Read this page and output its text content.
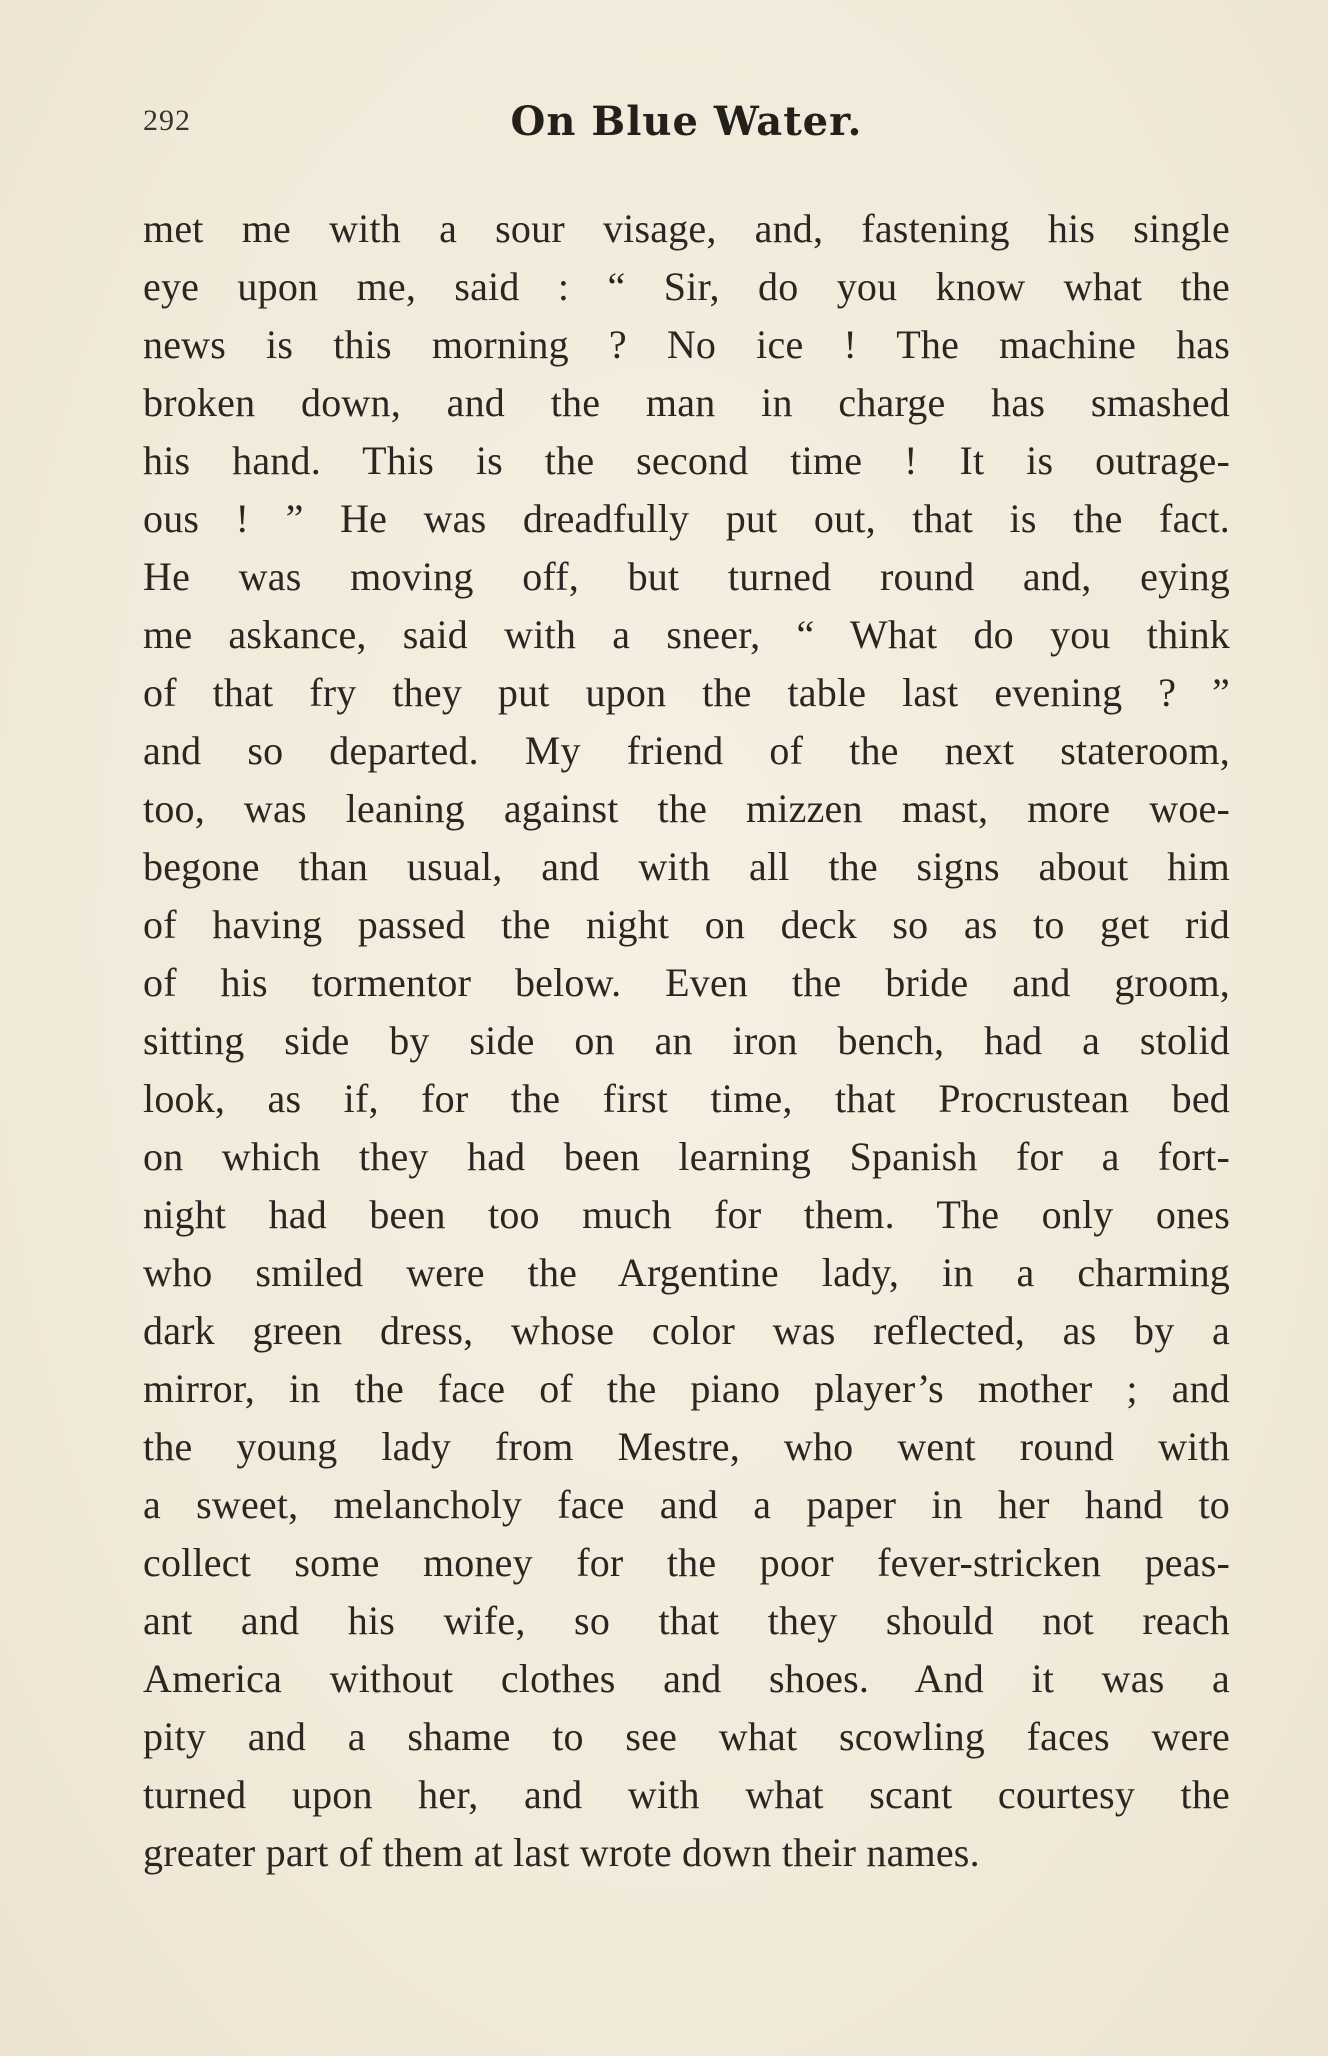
292	On Blue Water.
met me with a sour visage, and, fastening his single
eye upon me, said : “ Sir, do you know what the
news is this morning ? No ice ! The machine has
broken down, and the man in charge has smashed
his hand. This is the second time ! It is outrage-
ous ! ” He was dreadfully put out, that is the fact.
He was moving off, but turned round and, eying
me askance, said with a sneer, “ What do you think
of that fry they put upon the table last evening ? ”
and so departed. My friend of the next stateroom,
too, was leaning against the mizzen mast, more woe-
begone than usual, and with all the signs about him
of having passed the night on deck so as to get rid
of his tormentor below. Even the bride and groom,
sitting side by side on an iron bench, had a stolid
look, as if, for the first time, that Procrustean bed
on which they had been learning Spanish for a fort-
night had been too much for them. The only ones
who smiled were the Argentine lady, in a charming
dark green dress, whose color was reflected, as by a
mirror, in the face of the piano player’s mother ; and
the young lady from Mestre, who went round with
a sweet, melancholy face and a paper in her hand to
collect some money for the poor fever-stricken peas-
ant and his wife, so that they should not reach
America without clothes and shoes. And it was a
pity and a shame to see what scowling faces were
turned upon her, and with what scant courtesy the
greater part of them at last wrote down their names.
